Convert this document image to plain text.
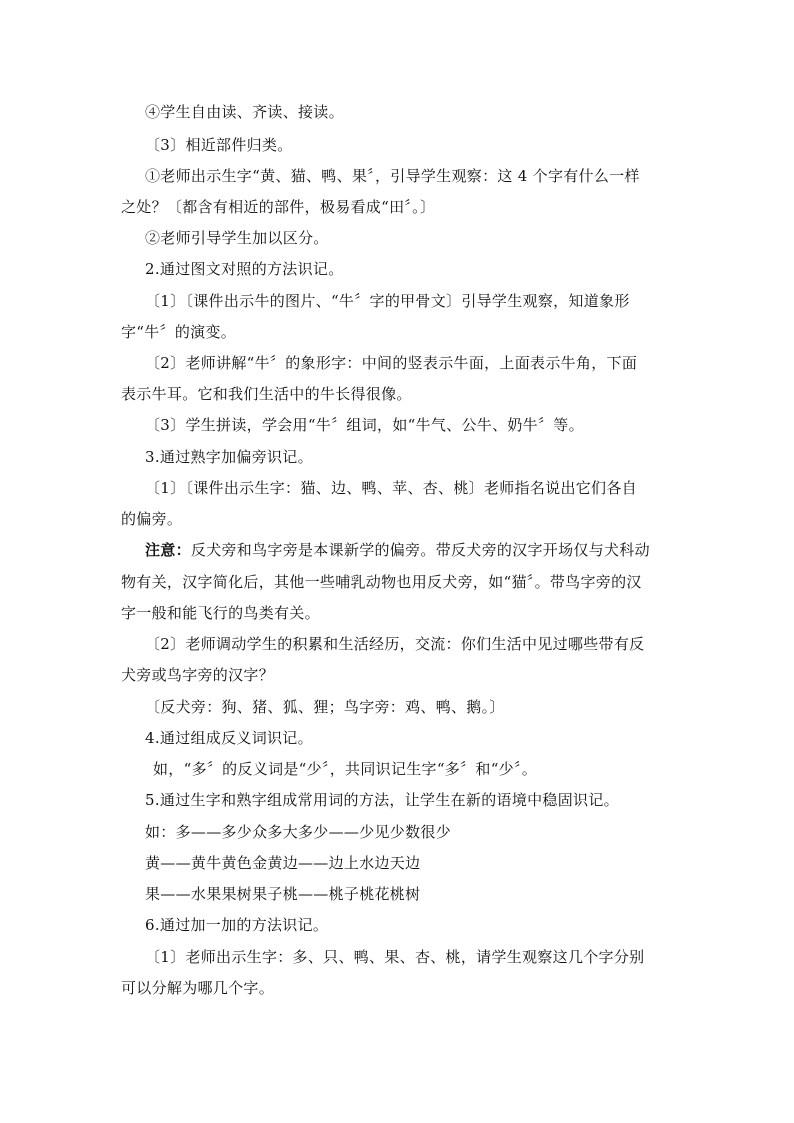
④学生自由读、齐读、接读。
〔3〕相近部件归类。
①老师出示生字“黄、猫、鸭、果〞，引导学生观察：这 4 个字有什么一样
之处？〔都含有相近的部件，极易看成“田〞。〕
②老师引导学生加以区分。
2.通过图文对照的方法识记。
〔1〕〔课件出示牛的图片、“牛〞字的甲骨文〕引导学生观察，知道象形
字“牛〞的演变。
〔2〕老师讲解“牛〞的象形字：中间的竖表示牛面，上面表示牛角，下面
表示牛耳。它和我们生活中的牛长得很像。
〔3〕学生拼读，学会用“牛〞组词，如“牛气、公牛、奶牛〞等。
3.通过熟字加偏旁识记。
〔1〕〔课件出示生字：猫、边、鸭、苹、杏、桃〕老师指名说出它们各自
的偏旁。
注意：反犬旁和鸟字旁是本课新学的偏旁。带反犬旁的汉字开场仅与犬科动
物有关，汉字简化后，其他一些哺乳动物也用反犬旁，如“猫〞。带鸟字旁的汉
字一般和能飞行的鸟类有关。
〔2〕老师调动学生的积累和生活经历，交流：你们生活中见过哪些带有反
犬旁或鸟字旁的汉字？
〔反犬旁：狗、猪、狐、狸；鸟字旁：鸡、鸭、鹅。〕
4.通过组成反义词识记。
如，“多〞的反义词是“少〞，共同识记生字“多〞和“少〞。
5.通过生字和熟字组成常用词的方法，让学生在新的语境中稳固识记。
如：多——多少众多大多少——少见少数很少
黄——黄牛黄色金黄边——边上水边天边
果——水果果树果子桃——桃子桃花桃树
6.通过加一加的方法识记。
〔1〕老师出示生字：多、只、鸭、果、杏、桃，请学生观察这几个字分别
可以分解为哪几个字。
